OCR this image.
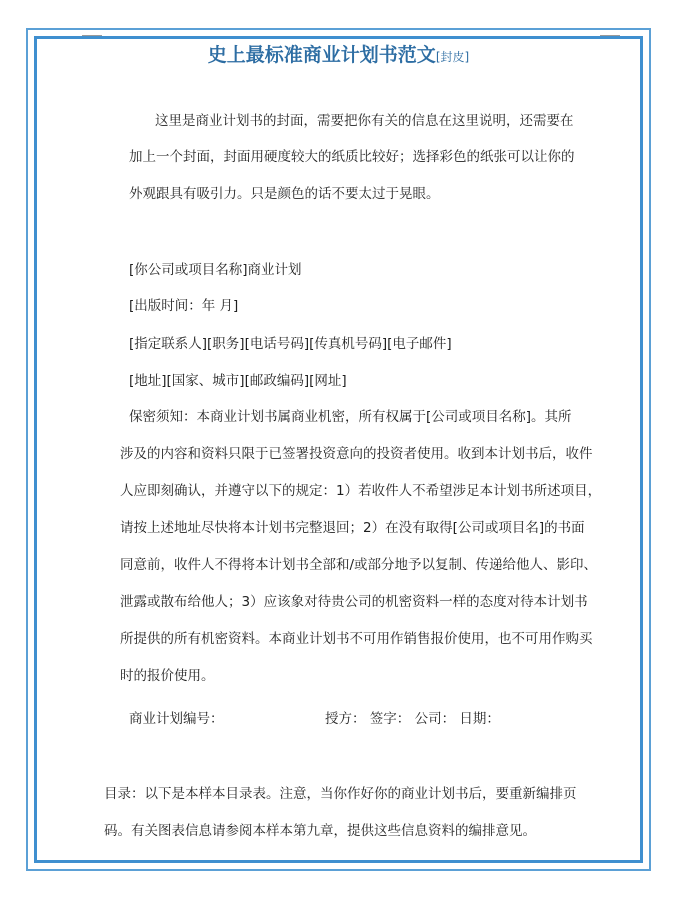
史上最标准商业计划书范文[封皮]
这里是商业计划书的封面，需要把你有关的信息在这里说明，还需要在
加上一个封面，封面用硬度较大的纸质比较好；选择彩色的纸张可以让你的
外观跟具有吸引力。只是颜色的话不要太过于晃眼。
[你公司或项目名称]商业计划
[出版时间：年 月]
[指定联系人][职务][电话号码][传真机号码][电子邮件]
[地址][国家、城市][邮政编码][网址]
保密须知：本商业计划书属商业机密，所有权属于[公司或项目名称]。其所
涉及的内容和资料只限于已签署投资意向的投资者使用。收到本计划书后，收件
人应即刻确认，并遵守以下的规定：1）若收件人不希望涉足本计划书所述项目，
请按上述地址尽快将本计划书完整退回；2）在没有取得[公司或项目名]的书面
同意前，收件人不得将本计划书全部和/或部分地予以复制、传递给他人、影印、
泄露或散布给他人；3）应该象对待贵公司的机密资料一样的态度对待本计划书
所提供的所有机密资料。本商业计划书不可用作销售报价使用，也不可用作购买
时的报价使用。
商业计划编号：	授方： 签字： 公司： 日期：
目录：以下是本样本目录表。注意，当你作好你的商业计划书后，要重新编排页
码。有关图表信息请参阅本样本第九章，提供这些信息资料的编排意见。
